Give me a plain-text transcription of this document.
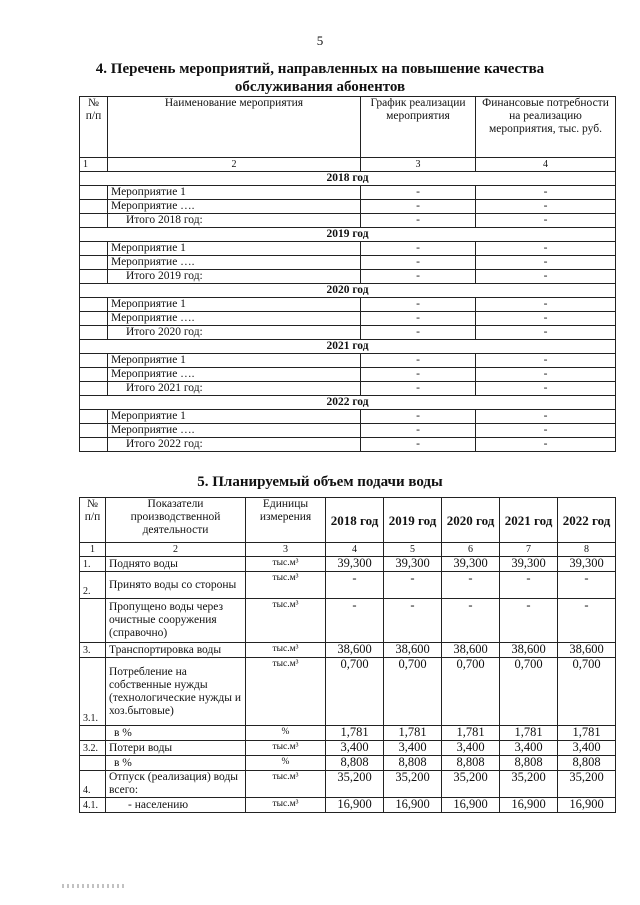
5
4. Перечень мероприятий, направленных на повышение качества
обслуживания абонентов
№ п/п	Наименование мероприятия	График реализации мероприятия	Финансовые потребности на реализацию мероприятия, тыс. руб.
1	2	3	4
2018 год			
	Мероприятие 1	-	-
	Мероприятие ….	-	-
	Итого 2018 год:	-	-
2019 год			
	Мероприятие 1	-	-
	Мероприятие ….	-	-
	Итого 2019 год:	-	-
2020 год			
	Мероприятие 1	-	-
	Мероприятие ….	-	-
	Итого 2020 год:	-	-
2021 год			
	Мероприятие 1	-	-
	Мероприятие ….	-	-
	Итого 2021 год:	-	-
2022 год			
	Мероприятие 1	-	-
	Мероприятие ….	-	-
	Итого 2022 год:	-	-
5. Планируемый объем подачи воды
№ п/п	Показатели производственной деятельности	Единицы измерения	2018 год	2019 год	2020 год	2021 год	2022 год
1	2	3	4	5	6	7	8
1.	Поднято воды	тыс.м³	39,300	39,300	39,300	39,300	39,300
2.	Принято воды со стороны	тыс.м³	-	-	-	-	-
	Пропущено воды через очистные сооружения (справочно)	тыс.м³	-	-	-	-	-
3.	Транспортировка воды	тыс.м³	38,600	38,600	38,600	38,600	38,600
3.1.	Потребление на собственные нужды (технологические нужды и хоз.бытовые)	тыс.м³	0,700	0,700	0,700	0,700	0,700
	в %	%	1,781	1,781	1,781	1,781	1,781
3.2.	Потери воды	тыс.м³	3,400	3,400	3,400	3,400	3,400
	в %	%	8,808	8,808	8,808	8,808	8,808
4.	Отпуск (реализация) воды всего:	тыс.м³	35,200	35,200	35,200	35,200	35,200
4.1.	- населению	тыс.м³	16,900	16,900	16,900	16,900	16,900
